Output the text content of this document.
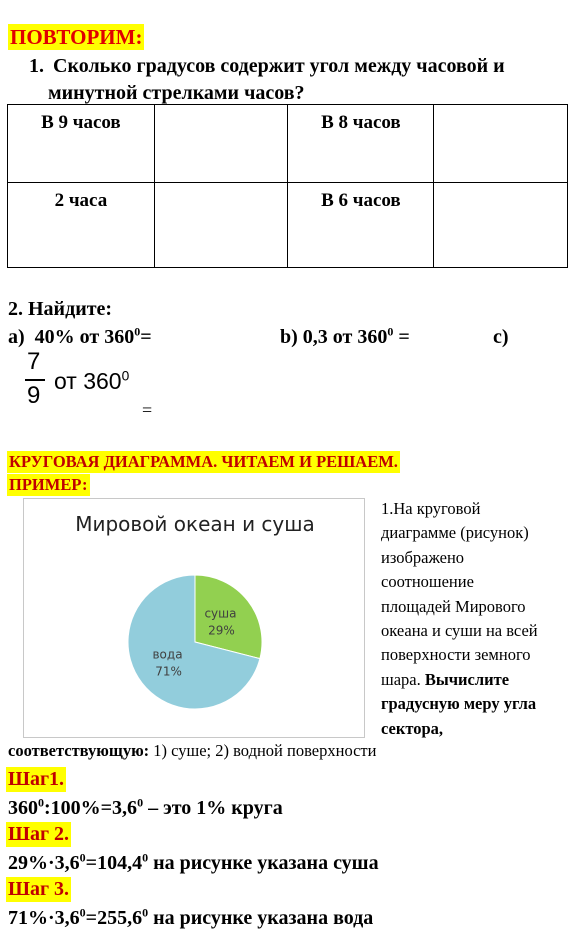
ПОВТОРИМ:
1. Сколько градусов содержит угол между часовой и
минутной стрелками часов?
В 9 часов		В 8 часов	
2 часа		В 6 часов	
2. Найдите:
а) 40% от $360^0=$	b) 0,3 от $360^0$ =	c)
7
9
от $360^0$
=
КРУГОВАЯ ДИАГРАММА. ЧИТАЕМ И РЕШАЕМ.
ПРИМЕР:
Мировой океан и суша
суша
29%
вода
71%
1.На круговой
диаграмме (рисунок)
изображено
соотношение
площадей Мирового
океана и суши на всей
поверхности земного
шара. Вычислите
градусную меру угла
сектора,
соответствующую: 1) суше; 2) водной поверхности
Шаг1.
$360^0:100\%=3,6^0$ – это 1% круга
Шаг 2.
$29\%\cdot 3,6^0=104,4^0$ на рисунке указана суша
Шаг 3.
$71\%\cdot 3,6^0=255,6^0$ на рисунке указана вода
